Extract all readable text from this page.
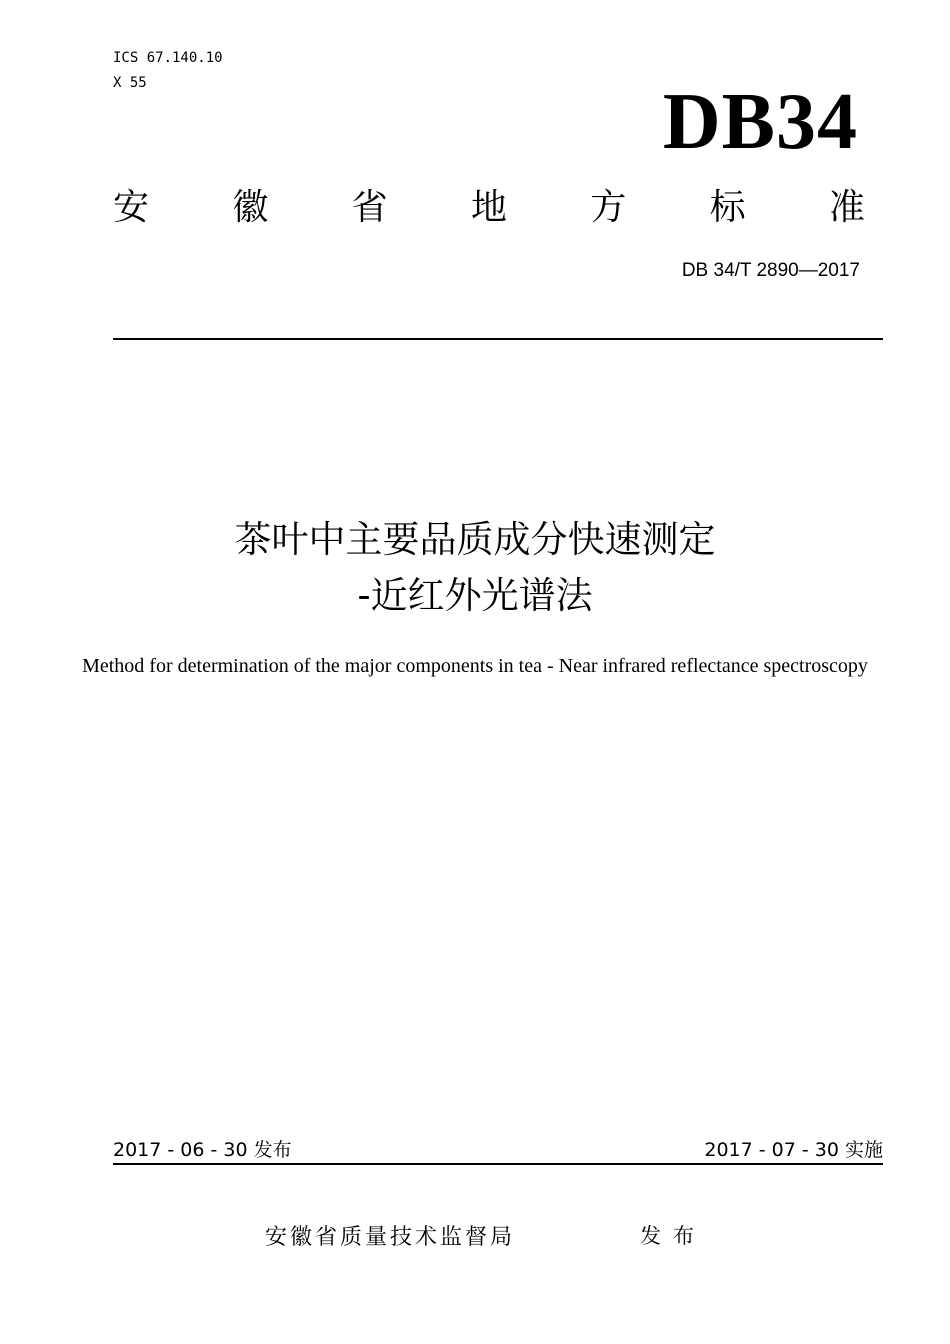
ICS 67.140.10
X 55	DB34
安 徽 省 地 方 标 准
DB 34/T 2890—2017
茶叶中主要品质成分快速测定
-近红外光谱法
Method for determination of the major components in tea - Near infrared reflectance spectroscopy
2017 - 06 - 30 发布	2017 - 07 - 30 实施
安徽省质量技术监督局	发布
